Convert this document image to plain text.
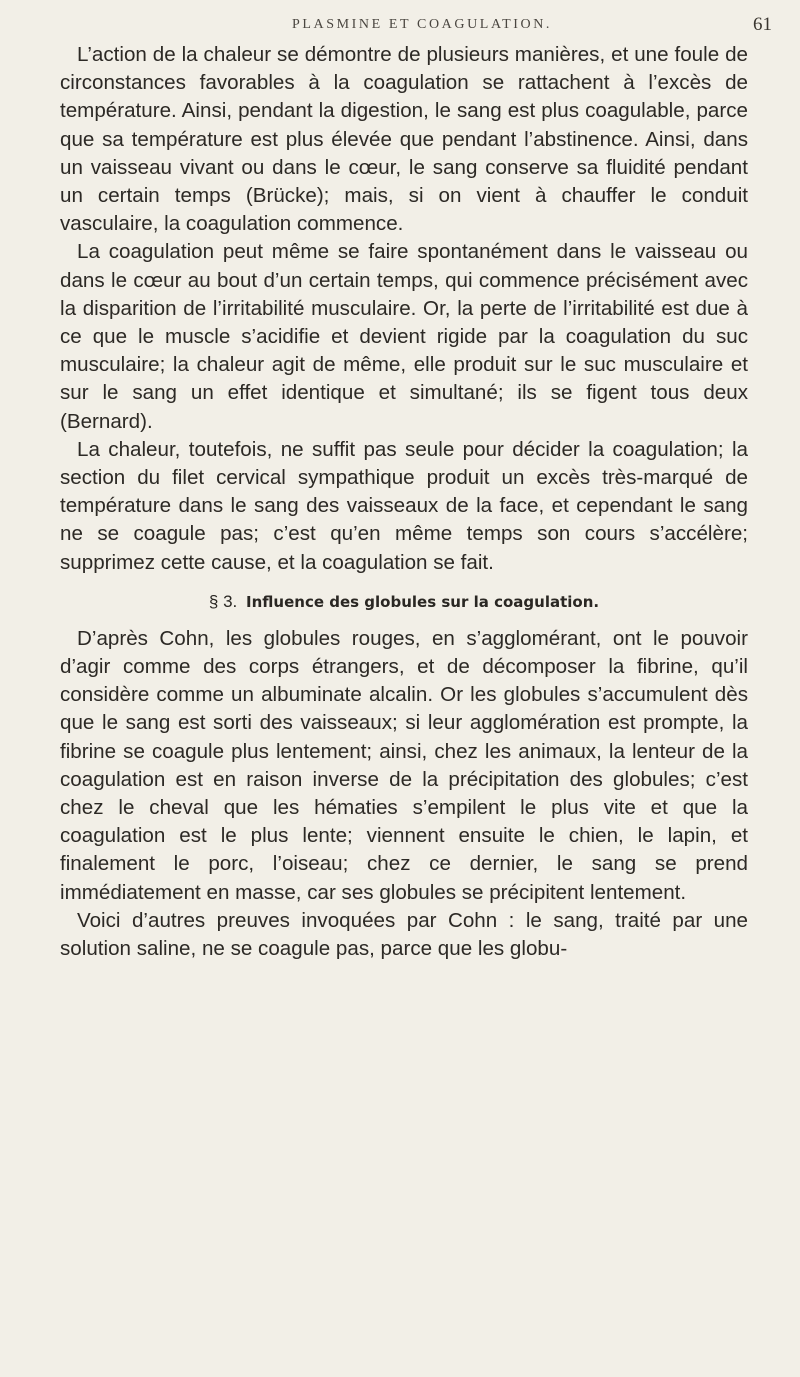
PLASMINE ET COAGULATION.	61

L’action de la chaleur se démontre de plusieurs manières, et une foule de circonstances favorables à la coagulation se rattachent à l’excès de température. Ainsi, pendant la digestion, le sang est plus coagulable, parce que sa température est plus élevée que pendant l’abstinence. Ainsi, dans un vaisseau vivant ou dans le cœur, le sang conserve sa fluidité pendant un certain temps (Brücke); mais, si on vient à chauffer le conduit vasculaire, la coagulation commence.

La coagulation peut même se faire spontanément dans le vaisseau ou dans le cœur au bout d’un certain temps, qui commence précisément avec la disparition de l’irritabilité musculaire. Or, la perte de l’irritabilité est due à ce que le muscle s’acidifie et devient rigide par la coagulation du suc musculaire; la chaleur agit de même, elle produit sur le suc musculaire et sur le sang un effet identique et simultané; ils se figent tous deux (Bernard).

La chaleur, toutefois, ne suffit pas seule pour décider la coagulation; la section du filet cervical sympathique produit un excès très-marqué de température dans le sang des vaisseaux de la face, et cependant le sang ne se coagule pas; c’est qu’en même temps son cours s’accélère; supprimez cette cause, et la coagulation se fait.

§ 3. Influence des globules sur la coagulation.

D’après Cohn, les globules rouges, en s’agglomérant, ont le pouvoir d’agir comme des corps étrangers, et de décomposer la fibrine, qu’il considère comme un albuminate alcalin. Or les globules s’accumulent dès que le sang est sorti des vaisseaux; si leur agglomération est prompte, la fibrine se coagule plus lentement; ainsi, chez les animaux, la lenteur de la coagulation est en raison inverse de la précipitation des globules; c’est chez le cheval que les hématies s’empilent le plus vite et que la coagulation est le plus lente; viennent ensuite le chien, le lapin, et finalement le porc, l’oiseau; chez ce dernier, le sang se prend immédiatement en masse, car ses globules se précipitent lentement.

Voici d’autres preuves invoquées par Cohn : le sang, traité par une solution saline, ne se coagule pas, parce que les globu-
